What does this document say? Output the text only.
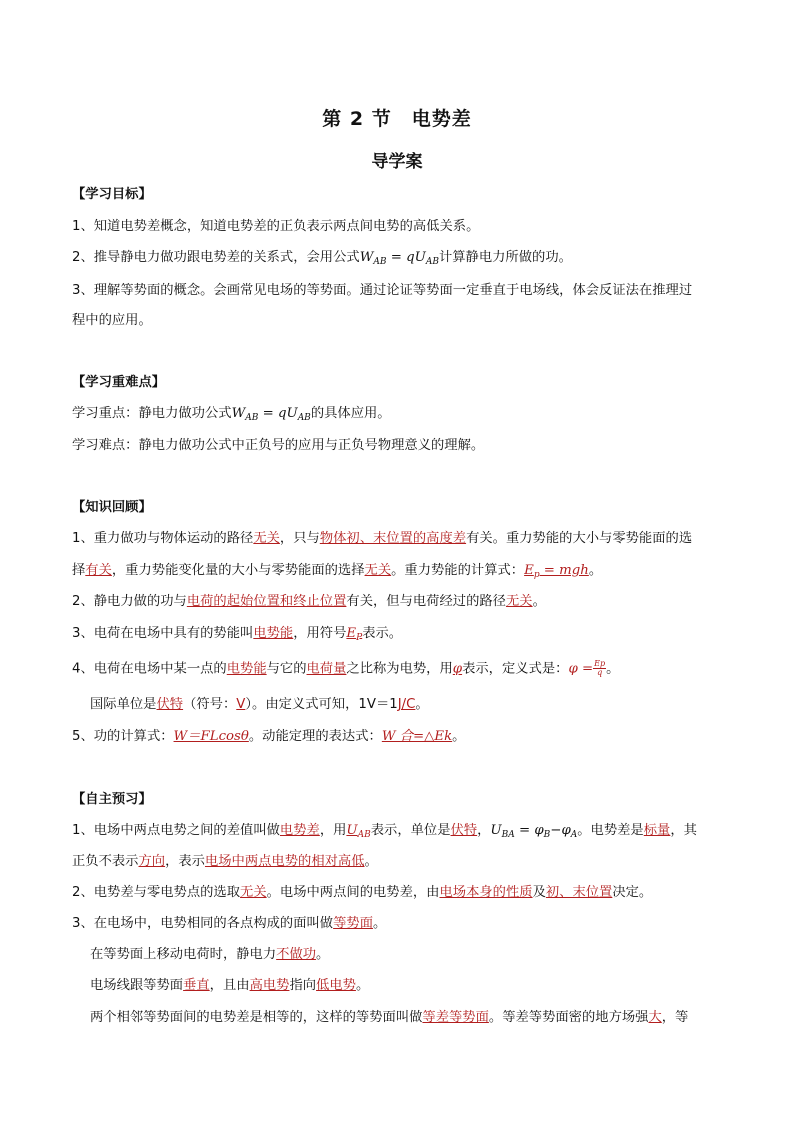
第 2 节　电势差
导学案
【学习目标】
1、知道电势差概念，知道电势差的正负表示两点间电势的高低关系。
2、推导静电力做功跟电势差的关系式，会用公式$W_{AB} = qU_{AB}$计算静电力所做的功。
3、理解等势面的概念。会画常见电场的等势面。通过论证等势面一定垂直于电场线，体会反证法在推理过
程中的应用。
【学习重难点】
学习重点：静电力做功公式$W_{AB} = qU_{AB}$的具体应用。
学习难点：静电力做功公式中正负号的应用与正负号物理意义的理解。
【知识回顾】
1、重力做功与物体运动的路径无关，只与物体初、末位置的高度差有关。重力势能的大小与零势能面的选
择有关，重力势能变化量的大小与零势能面的选择无关。重力势能的计算式：$E_p$ = mgh。
2、静电力做的功与电荷的起始位置和终止位置有关，但与电荷经过的路径无关。
3、电荷在电场中具有的势能叫电势能，用符号$E_P$表示。
4、电荷在电场中某一点的电势能与它的电荷量之比称为电势，用φ表示，定义式是：$\varphi = \frac{Ep}{q}$ 。
国际单位是伏特（符号：V）。由定义式可知，1V＝1J/C。
5、功的计算式：W＝FLcosθ。动能定理的表达式：W 合=△Ek。
【自主预习】
1、电场中两点电势之间的差值叫做电势差，用$U_{AB}$表示，单位是伏特，$U_{BA} = \varphi_B-\varphi_A$。电势差是标量，其
正负不表示方向，表示电场中两点电势的相对高低。
2、电势差与零电势点的选取无关。电场中两点间的电势差，由电场本身的性质及初、末位置决定。
3、在电场中，电势相同的各点构成的面叫做等势面。
在等势面上移动电荷时，静电力不做功。
电场线跟等势面垂直，且由高电势指向低电势。
两个相邻等势面间的电势差是相等的，这样的等势面叫做等差等势面。等差等势面密的地方场强大，等
